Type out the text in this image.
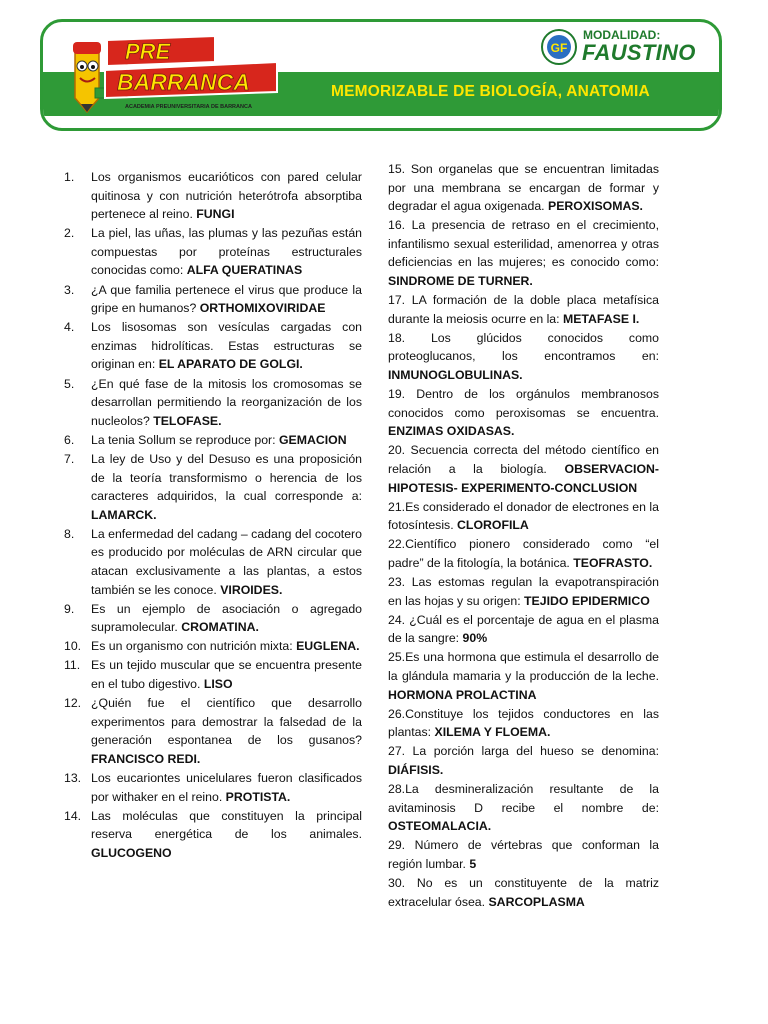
MEMORIZABLE DE BIOLOGÍA, ANATOMIA
PRE
BARRANCA
ACADEMIA PREUNIVERSITARIA DE BARRANCA
GF
MODALIDAD:
FAUSTINO
1.	Los organismos eucarióticos con pared celular quitinosa y con nutrición heterótrofa absorptiba pertenece al reino. FUNGI
2.	La piel, las uñas, las plumas y las pezuñas están compuestas por proteínas estructurales conocidas como: ALFA QUERATINAS
3.	¿A que familia pertenece el virus que produce la gripe en humanos? ORTHOMIXOVIRIDAE
4.	Los lisosomas son vesículas cargadas con enzimas hidrolíticas. Estas estructuras se originan en: EL APARATO DE GOLGI.
5.	¿En qué fase de la mitosis los cromosomas se desarrollan permitiendo la reorganización de los nucleolos? TELOFASE.
6.	La tenia Sollum se reproduce por: GEMACION
7.	La ley de Uso y del Desuso es una proposición de la teoría transformismo o herencia de los caracteres adquiridos, la cual corresponde a: LAMARCK.
8.	La enfermedad del cadang – cadang del cocotero es producido por moléculas de ARN circular que atacan exclusivamente a las plantas, a estos también se les conoce. VIROIDES.
9.	Es un ejemplo de asociación o agregado supramolecular. CROMATINA.
10. Es un organismo con nutrición mixta: EUGLENA.
11. Es un tejido muscular que se encuentra presente en el tubo digestivo. LISO
12. ¿Quién fue el científico que desarrollo experimentos para demostrar la falsedad de la generación espontanea de los gusanos? FRANCISCO REDI.
13. Los eucariontes unicelulares fueron clasificados por withaker en el reino. PROTISTA.
14. Las moléculas que constituyen la principal reserva energética de los animales. GLUCOGENO
15. Son organelas que se encuentran limitadas por una membrana se encargan de formar y degradar el agua oxigenada. PEROXISOMAS.
16. La presencia de retraso en el crecimiento, infantilismo sexual esterilidad, amenorrea y otras deficiencias en las mujeres; es conocido como: SINDROME DE TURNER.
17. LA formación de la doble placa metafísica durante la meiosis ocurre en la: METAFASE I.
18. Los glúcidos conocidos como proteoglucanos, los encontramos en: INMUNOGLOBULINAS.
19. Dentro de los orgánulos membranosos conocidos como peroxisomas se encuentra. ENZIMAS OXIDASAS.
20. Secuencia correcta del método científico en relación a la biología. OBSERVACION-HIPOTESIS- EXPERIMENTO-CONCLUSION
21.Es considerado el donador de electrones en la fotosíntesis. CLOROFILA
22.Científico pionero considerado como “el padre” de la fitología, la botánica. TEOFRASTO.
23. Las estomas regulan la evapotranspiración en las hojas y su origen: TEJIDO EPIDERMICO
24. ¿Cuál es el porcentaje de agua en el plasma de la sangre: 90%
25.Es una hormona que estimula el desarrollo de la glándula mamaria y la producción de la leche. HORMONA PROLACTINA
26.Constituye los tejidos conductores en las plantas: XILEMA Y FLOEMA.
27. La porción larga del hueso se denomina: DIÁFISIS.
28.La desmineralización resultante de la avitaminosis D recibe el nombre de: OSTEOMALACIA.
29. Número de vértebras que conforman la región lumbar. 5
30. No es un constituyente de la matriz extracelular ósea. SARCOPLASMA
